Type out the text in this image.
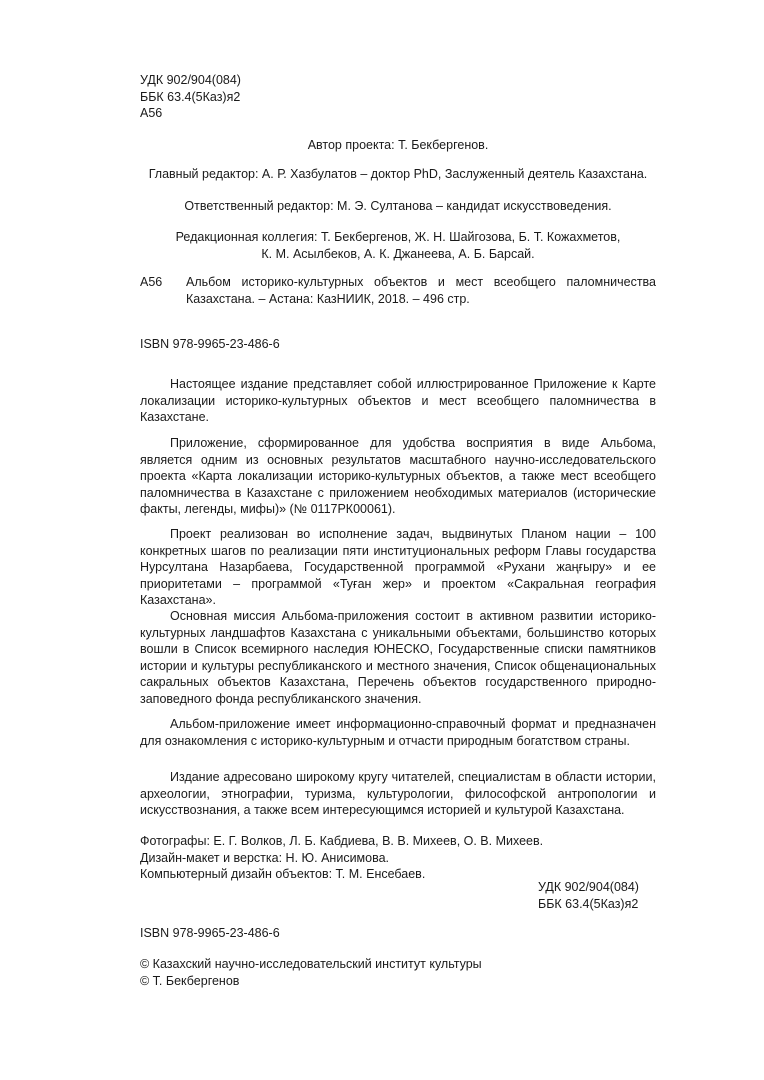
УДК 902/904(084)
ББК 63.4(5Каз)я2
А56
Автор проекта: Т. Бекбергенов.
Главный редактор: А. Р. Хазбулатов – доктор PhD, Заслуженный деятель Казахстана.
Ответственный редактор: М. Э. Султанова – кандидат искусствоведения.
Редакционная коллегия: Т. Бекбергенов, Ж. Н. Шайгозова, Б. Т. Кожахметов,
К. М. Асылбеков, А. К. Джанеева, А. Б. Барсай.
А56 Альбом историко-культурных объектов и мест всеобщего паломничества Казахстана. – Астана: КазНИИК, 2018. – 496 стр.
ISBN 978-9965-23-486-6

Настоящее издание представляет собой иллюстрированное Приложение к Карте локализации историко-культурных объектов и мест всеобщего паломничества в Казахстане.

Приложение, сформированное для удобства восприятия в виде Альбома, является одним из основных результатов масштабного научно-исследовательского проекта «Карта локализации историко-культурных объектов, а также мест всеобщего паломничества в Казахстане с приложением необходимых материалов (исторические факты, легенды, мифы)» (№ 0117РК00061).

Проект реализован во исполнение задач, выдвинутых Планом нации – 100 конкретных шагов по реализации пяти институциональных реформ Главы государства Нурсултана Назарбаева, Государственной программой «Рухани жаңғыру» и ее приоритетами – программой «Туған жер» и проектом «Сакральная география Казахстана».

Основная миссия Альбома-приложения состоит в активном развитии историко-культурных ландшафтов Казахстана с уникальными объектами, большинство которых вошли в Список всемирного наследия ЮНЕСКО, Государственные списки памятников истории и культуры республиканского и местного значения, Список общенациональных сакральных объектов Казахстана, Перечень объектов государственного природно-заповедного фонда республиканского значения.

Альбом-приложение имеет информационно-справочный формат и предназначен для ознакомления с историко-культурным и отчасти природным богатством страны.

Издание адресовано широкому кругу читателей, специалистам в области истории, археологии, этнографии, туризма, культурологии, философской антропологии и искусствознания, а также всем интересующимся историей и культурой Казахстана.

Фотографы: Е. Г. Волков, Л. Б. Кабдиева, В. В. Михеев, О. В. Михеев.
Дизайн-макет и верстка: Н. Ю. Анисимова.
Компьютерный дизайн объектов: Т. М. Енсебаев.
УДК 902/904(084)
ББК 63.4(5Каз)я2
ISBN 978-9965-23-486-6
© Казахский научно-исследовательский институт культуры
© Т. Бекбергенов
